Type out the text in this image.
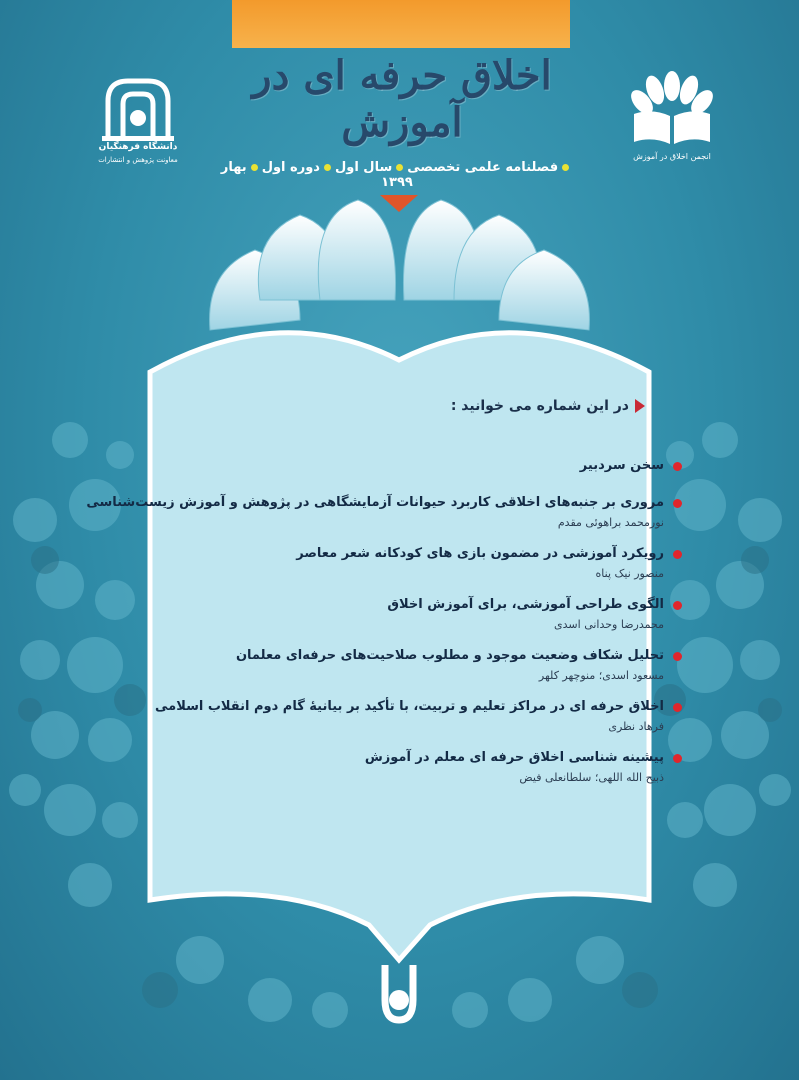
اخلاق حرفه ای در آموزش
دانشگاه فرهنگیان
معاونت پژوهش و انتشارات	انجمن اخلاق در آموزش
فصلنامه علمی تخصصیسال اولدوره اولبهار ۱۳۹۹
در این شماره می خوانید :
سخن سردبیر
مروری بر جنبه‌های اخلاقی کاربرد حیوانات آزمایشگاهی در پژوهش و آموزش زیست‌شناسی
نورمحمد براهوئی مقدم
رویکرد آموزشی در مضمون بازی های کودکانه شعر معاصر
منصور نیک پناه
الگوی طراحی آموزشی، برای آموزش اخلاق
محمدرضا وحدانی اسدی
تحلیل شکاف وضعیت موجود و مطلوب صلاحیت‌های حرفه‌ای معلمان
مسعود اسدی؛ منوچهر کلهر
اخلاق حرفه ای در مراکز تعلیم و تربیت، با تأکید بر بیانیهٔ گام دوم انقلاب اسلامی
فرهاد نظری
پیشینه شناسی اخلاق حرفه ای معلم در آموزش
ذبیح الله اللهی؛ سلطانعلی فیض
